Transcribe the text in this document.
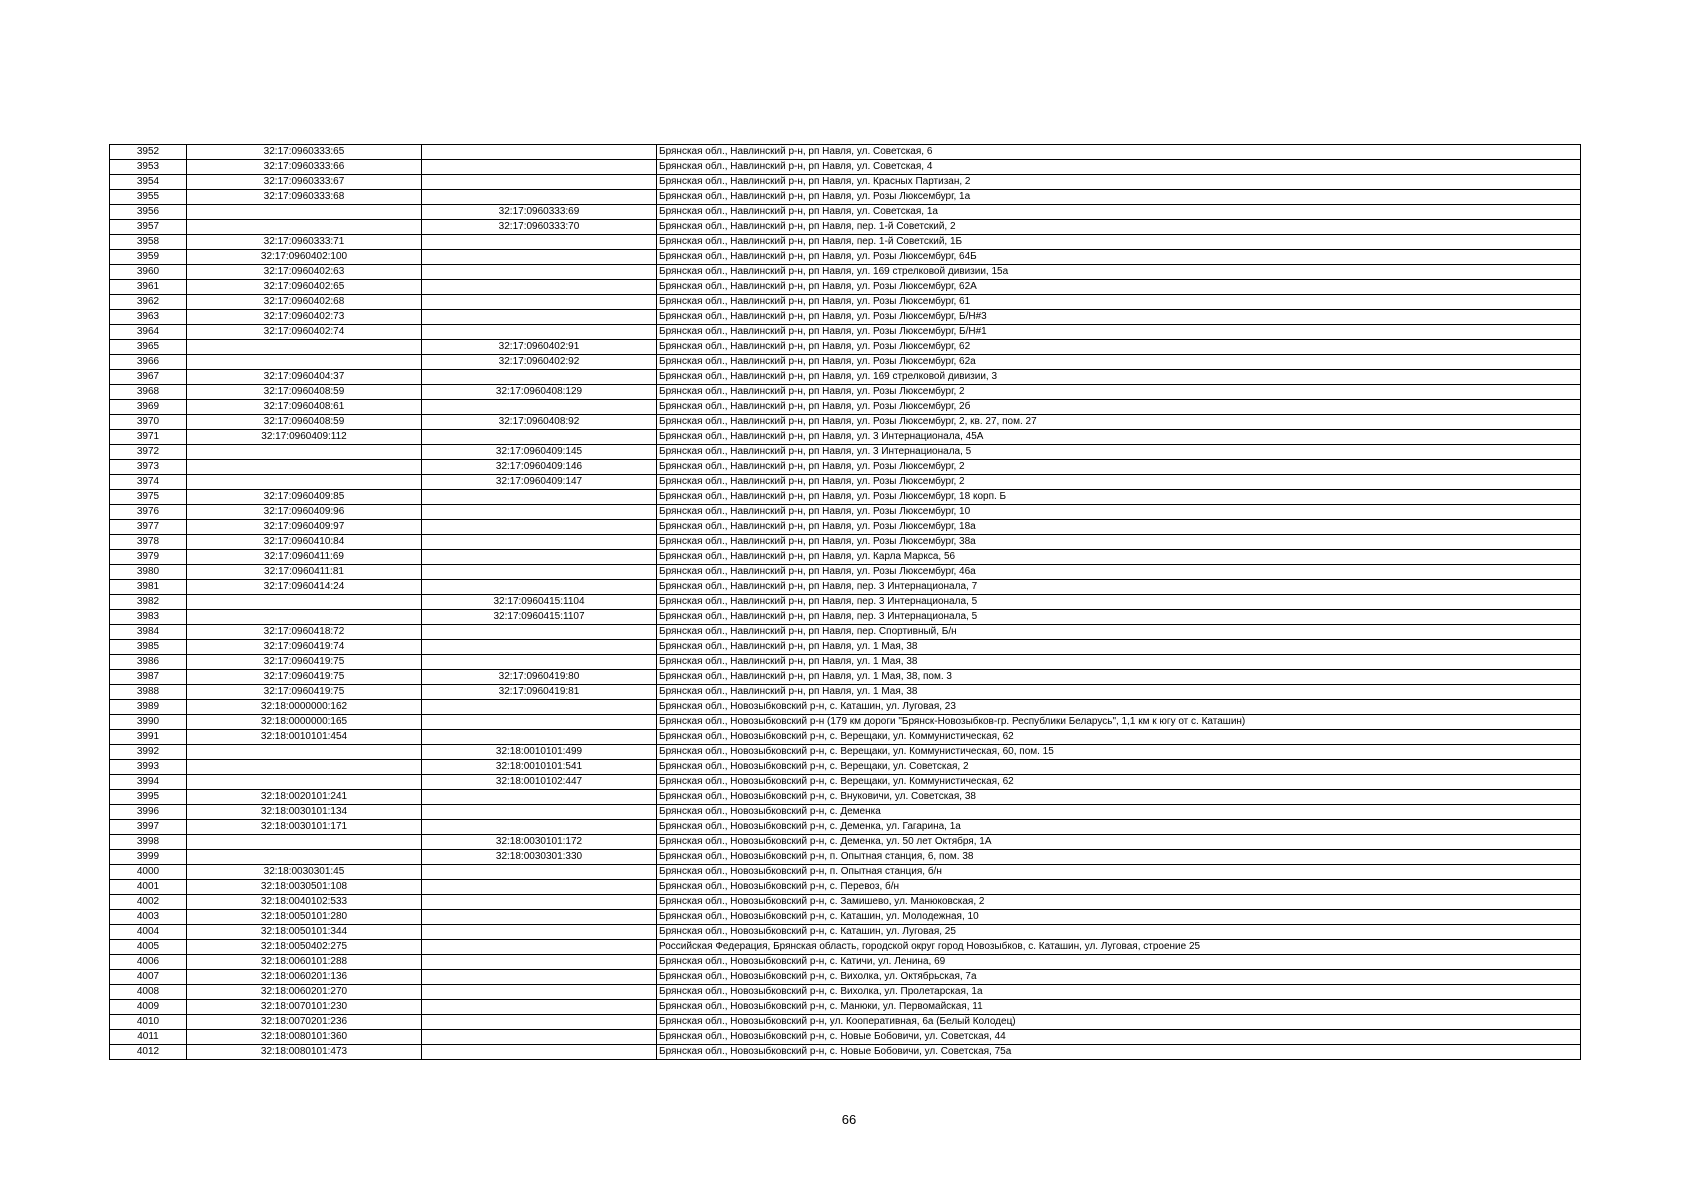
3952	32:17:0960333:65		Брянская обл., Навлинский р-н, рп Навля, ул. Советская, 6
3953	32:17:0960333:66		Брянская обл., Навлинский р-н, рп Навля, ул. Советская, 4
3954	32:17:0960333:67		Брянская обл., Навлинский р-н, рп Навля, ул. Красных Партизан, 2
3955	32:17:0960333:68		Брянская обл., Навлинский р-н, рп Навля, ул. Розы Люксембург, 1а
3956		32:17:0960333:69	Брянская обл., Навлинский р-н, рп Навля, ул. Советская, 1а
3957		32:17:0960333:70	Брянская обл., Навлинский р-н, рп Навля, пер. 1-й Советский, 2
3958	32:17:0960333:71		Брянская обл., Навлинский р-н, рп Навля, пер. 1-й Советский, 1Б
3959	32:17:0960402:100		Брянская обл., Навлинский р-н, рп Навля, ул. Розы Люксембург, 64Б
3960	32:17:0960402:63		Брянская обл., Навлинский р-н, рп Навля, ул. 169 стрелковой дивизии, 15а
3961	32:17:0960402:65		Брянская обл., Навлинский р-н, рп Навля, ул. Розы Люксембург, 62А
3962	32:17:0960402:68		Брянская обл., Навлинский р-н, рп Навля, ул. Розы Люксембург, 61
3963	32:17:0960402:73		Брянская обл., Навлинский р-н, рп Навля, ул. Розы Люксембург, Б/Н#3
3964	32:17:0960402:74		Брянская обл., Навлинский р-н, рп Навля, ул. Розы Люксембург, Б/Н#1
3965		32:17:0960402:91	Брянская обл., Навлинский р-н, рп Навля, ул. Розы Люксембург, 62
3966		32:17:0960402:92	Брянская обл., Навлинский р-н, рп Навля, ул. Розы Люксембург, 62а
3967	32:17:0960404:37		Брянская обл., Навлинский р-н, рп Навля, ул. 169 стрелковой дивизии, 3
3968	32:17:0960408:59	32:17:0960408:129	Брянская обл., Навлинский р-н, рп Навля, ул. Розы Люксембург, 2
3969	32:17:0960408:61		Брянская обл., Навлинский р-н, рп Навля, ул. Розы Люксембург, 2б
3970	32:17:0960408:59	32:17:0960408:92	Брянская обл., Навлинский р-н, рп Навля, ул. Розы Люксембург, 2, кв. 27, пом. 27
3971	32:17:0960409:112		Брянская обл., Навлинский р-н, рп Навля, ул. 3 Интернационала, 45А
3972		32:17:0960409:145	Брянская обл., Навлинский р-н, рп Навля, ул. 3 Интернационала, 5
3973		32:17:0960409:146	Брянская обл., Навлинский р-н, рп Навля, ул. Розы Люксембург, 2
3974		32:17:0960409:147	Брянская обл., Навлинский р-н, рп Навля, ул. Розы Люксембург, 2
3975	32:17:0960409:85		Брянская обл., Навлинский р-н, рп Навля, ул. Розы Люксембург, 18 корп. Б
3976	32:17:0960409:96		Брянская обл., Навлинский р-н, рп Навля, ул. Розы Люксембург, 10
3977	32:17:0960409:97		Брянская обл., Навлинский р-н, рп Навля, ул. Розы Люксембург, 18а
3978	32:17:0960410:84		Брянская обл., Навлинский р-н, рп Навля, ул. Розы Люксембург, 38а
3979	32:17:0960411:69		Брянская обл., Навлинский р-н, рп Навля, ул. Карла Маркса, 56
3980	32:17:0960411:81		Брянская обл., Навлинский р-н, рп Навля, ул. Розы Люксембург, 46а
3981	32:17:0960414:24		Брянская обл., Навлинский р-н, рп Навля, пер. 3 Интернационала, 7
3982		32:17:0960415:1104	Брянская обл., Навлинский р-н, рп Навля, пер. 3 Интернационала, 5
3983		32:17:0960415:1107	Брянская обл., Навлинский р-н, рп Навля, пер. 3 Интернационала, 5
3984	32:17:0960418:72		Брянская обл., Навлинский р-н, рп Навля, пер. Спортивный, Б/н
3985	32:17:0960419:74		Брянская обл., Навлинский р-н, рп Навля, ул. 1 Мая, 38
3986	32:17:0960419:75		Брянская обл., Навлинский р-н, рп Навля, ул. 1 Мая, 38
3987	32:17:0960419:75	32:17:0960419:80	Брянская обл., Навлинский р-н, рп Навля, ул. 1 Мая, 38, пом. 3
3988	32:17:0960419:75	32:17:0960419:81	Брянская обл., Навлинский р-н, рп Навля, ул. 1 Мая, 38
3989	32:18:0000000:162		Брянская обл., Новозыбковский р-н, с. Каташин, ул. Луговая, 23
3990	32:18:0000000:165		Брянская обл., Новозыбковский р-н (179 км дороги "Брянск-Новозыбков-гр. Республики Беларусь", 1,1 км к югу от с. Каташин)
3991	32:18:0010101:454		Брянская обл., Новозыбковский р-н, с. Верещаки, ул. Коммунистическая, 62
3992		32:18:0010101:499	Брянская обл., Новозыбковский р-н, с. Верещаки, ул. Коммунистическая, 60, пом. 15
3993		32:18:0010101:541	Брянская обл., Новозыбковский р-н, с. Верещаки, ул. Советская, 2
3994		32:18:0010102:447	Брянская обл., Новозыбковский р-н, с. Верещаки, ул. Коммунистическая, 62
3995	32:18:0020101:241		Брянская обл., Новозыбковский р-н, с. Внуковичи, ул. Советская, 38
3996	32:18:0030101:134		Брянская обл., Новозыбковский р-н, с. Деменка
3997	32:18:0030101:171		Брянская обл., Новозыбковский р-н, с. Деменка, ул. Гагарина, 1а
3998		32:18:0030101:172	Брянская обл., Новозыбковский р-н, с. Деменка, ул. 50 лет Октября, 1А
3999		32:18:0030301:330	Брянская обл., Новозыбковский р-н, п. Опытная станция, 6, пом. 38
4000	32:18:0030301:45		Брянская обл., Новозыбковский р-н, п. Опытная станция, б/н
4001	32:18:0030501:108		Брянская обл., Новозыбковский р-н, с. Перевоз, б/н
4002	32:18:0040102:533		Брянская обл., Новозыбковский р-н, с. Замишево, ул. Манюковская, 2
4003	32:18:0050101:280		Брянская обл., Новозыбковский р-н, с. Каташин, ул. Молодежная, 10
4004	32:18:0050101:344		Брянская обл., Новозыбковский р-н, с. Каташин, ул. Луговая, 25
4005	32:18:0050402:275		Российская Федерация, Брянская область, городской округ город Новозыбков, с. Каташин, ул. Луговая, строение 25
4006	32:18:0060101:288		Брянская обл., Новозыбковский р-н, с. Катичи, ул. Ленина, 69
4007	32:18:0060201:136		Брянская обл., Новозыбковский р-н, с. Вихолка, ул. Октябрьская, 7а
4008	32:18:0060201:270		Брянская обл., Новозыбковский р-н, с. Вихолка, ул. Пролетарская, 1а
4009	32:18:0070101:230		Брянская обл., Новозыбковский р-н, с. Манюки, ул. Первомайская, 11
4010	32:18:0070201:236		Брянская обл., Новозыбковский р-н, ул. Кооперативная, 6а (Белый Колодец)
4011	32:18:0080101:360		Брянская обл., Новозыбковский р-н, с. Новые Бобовичи, ул. Советская, 44
4012	32:18:0080101:473		Брянская обл., Новозыбковский р-н, с. Новые Бобовичи, ул. Советская, 75а
66
